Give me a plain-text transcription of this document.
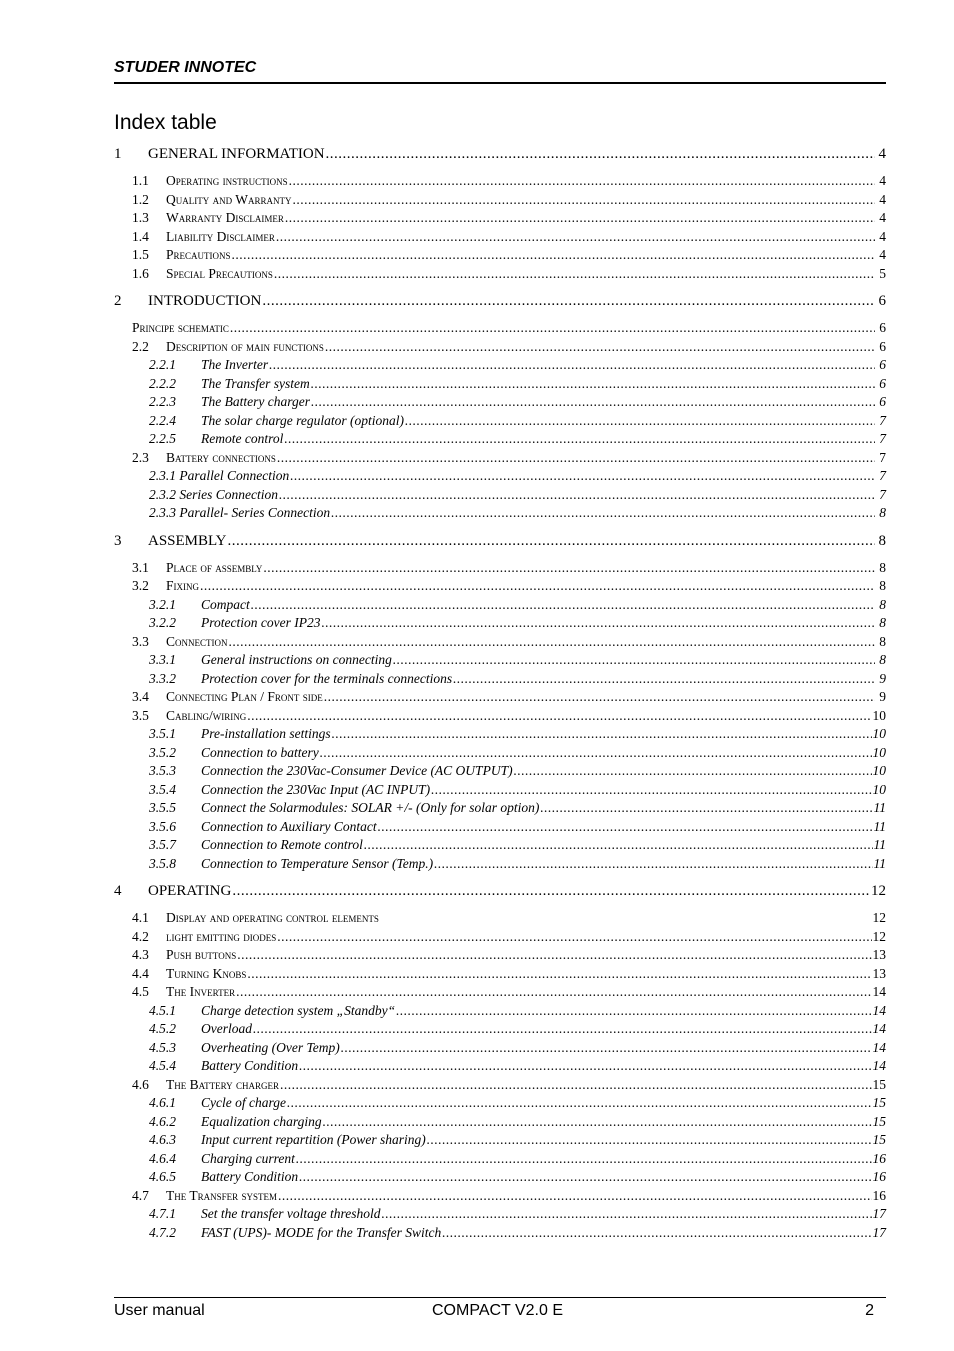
STUDER INNOTEC
Index table
1	GENERAL INFORMATION .....	4
1.1	Operating instructions .....	4
1.2	Quality and Warranty .....	4
1.3	Warranty Disclaimer .....	4
1.4	Liability Disclaimer .....	4
1.5	Precautions .....	4
1.6	Special Precautions .....	5
2	INTRODUCTION .....	6
Principe schematic .....	6
2.2	Description of main functions .....	6
2.2.1	The Inverter .....	6
2.2.2	The Transfer system .....	6
2.2.3	The Battery charger .....	6
2.2.4	The solar charge regulator (optional) .....	7
2.2.5	Remote control .....	7
2.3	Battery connections .....	7
2.3.1 Parallel Connection .....	7
2.3.2 Series Connection .....	7
2.3.3 Parallel- Series Connection .....	8
3	ASSEMBLY .....	8
3.1	Place of assembly .....	8
3.2	Fixing .....	8
3.2.1	Compact .....	8
3.2.2	Protection cover IP23 .....	8
3.3	Connection .....	8
3.3.1	General instructions on connecting .....	8
3.3.2	Protection cover for the terminals connections .....	9
3.4	Connecting Plan / Front side .....	9
3.5	Cabling/wiring .....	10
3.5.1	Pre-installation settings .....	10
3.5.2	Connection to battery .....	10
3.5.3	Connection the 230Vac-Consumer Device (AC OUTPUT) .....	10
3.5.4	Connection the 230Vac Input (AC INPUT) .....	10
3.5.5	Connect the Solarmodules: SOLAR +/- (Only for solar option) .....	11
3.5.6	Connection to Auxiliary Contact .....	11
3.5.7	Connection to Remote control .....	11
3.5.8	Connection to Temperature Sensor (Temp.) .....	11
4	OPERATING .....	12
4.1	Display and operating control elements	12
4.2	light emitting diodes .....	12
4.3	Push buttons .....	13
4.4	Turning Knobs .....	13
4.5	The Inverter .....	14
4.5.1	Charge detection system „Standby“ .....	14
4.5.2	Overload .....	14
4.5.3	Overheating (Over Temp) .....	14
4.5.4	Battery Condition .....	14
4.6	The Battery charger .....	15
4.6.1	Cycle of charge .....	15
4.6.2	Equalization charging .....	15
4.6.3	Input current repartition (Power sharing) .....	15
4.6.4	Charging current .....	16
4.6.5	Battery Condition .....	16
4.7	The Transfer system .....	16
4.7.1	Set the transfer voltage threshold .....	17
4.7.2	FAST (UPS)- MODE for the Transfer Switch .....	17
User manual	COMPACT V2.0 E	2
